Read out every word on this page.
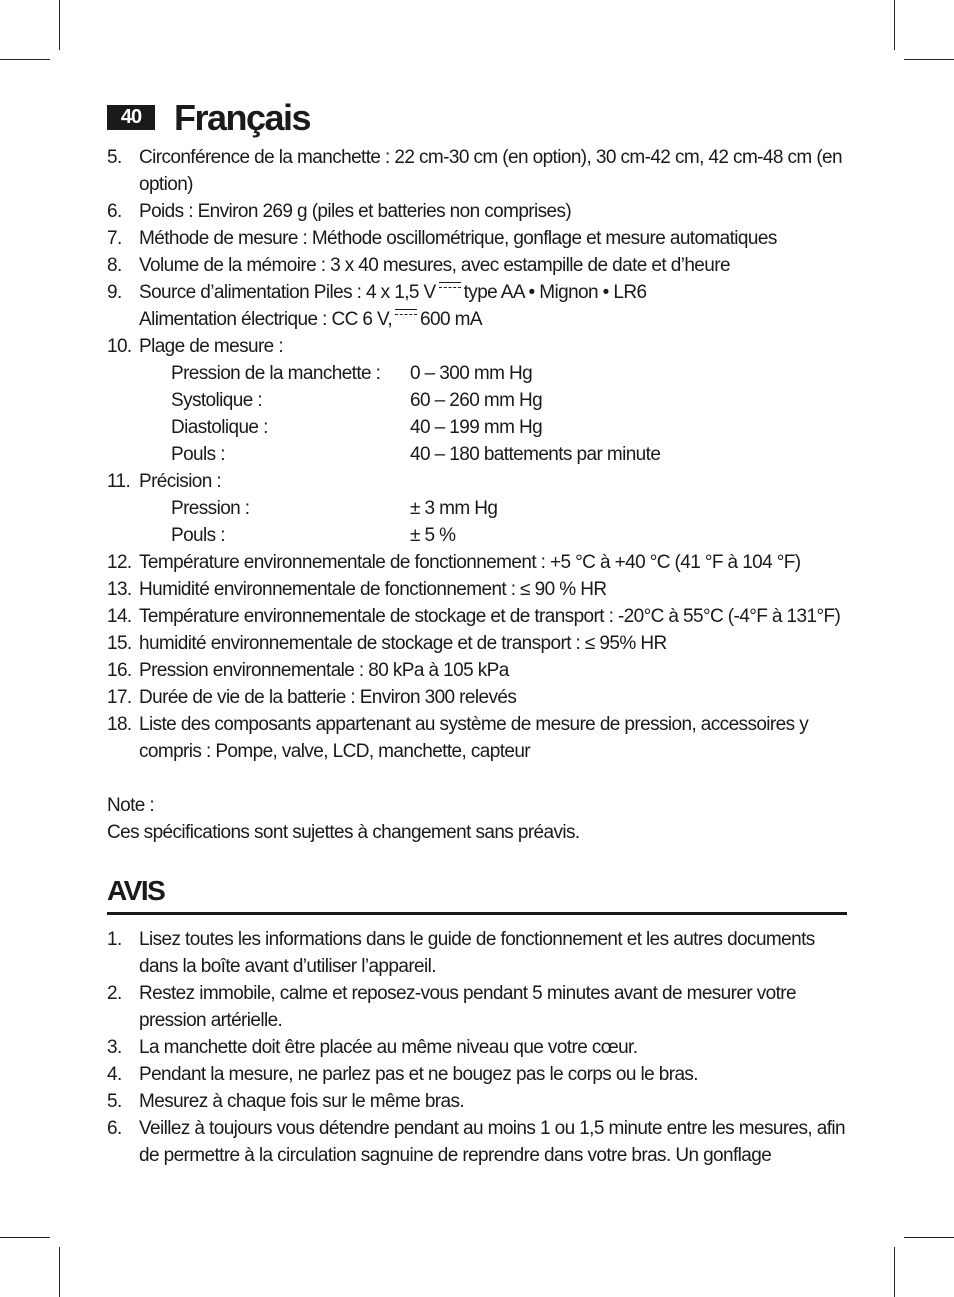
40 Français
5. Circonférence de la manchette : 22 cm-30 cm (en option), 30 cm-42 cm, 42 cm-48 cm (en option)
6. Poids : Environ 269 g (piles et batteries non comprises)
7. Méthode de mesure : Méthode oscillométrique, gonflage et mesure automatiques
8. Volume de la mémoire : 3 x 40 mesures, avec estampille de date et d’heure
9. Source d’alimentation Piles : 4 x 1,5 V type AA • Mignon • LR6
Alimentation électrique : CC 6 V, 600 mA
10. Plage de mesure :
Pression de la manchette :	0 – 300 mm Hg
Systolique :	60 – 260 mm Hg
Diastolique :	40 – 199 mm Hg
Pouls :	40 – 180 battements par minute
11. Précision :
Pression :	± 3 mm Hg
Pouls :	± 5 %
12. Température environnementale de fonctionnement : +5 °C à +40 °C (41 °F à 104 °F)
13. Humidité environnementale de fonctionnement : ≤ 90 % HR
14. Température environnementale de stockage et de transport : -20°C à 55°C (-4°F à 131°F)
15. humidité environnementale de stockage et de transport : ≤ 95% HR
16. Pression environnementale : 80 kPa à 105 kPa
17. Durée de vie de la batterie : Environ 300 relevés
18. Liste des composants appartenant au système de mesure de pression, accessoires y compris : Pompe, valve, LCD, manchette, capteur
Note :
Ces spécifications sont sujettes à changement sans préavis.
AVIS
1. Lisez toutes les informations dans le guide de fonctionnement et les autres documents dans la boîte avant d’utiliser l’appareil.
2. Restez immobile, calme et reposez-vous pendant 5 minutes avant de mesurer votre pression artérielle.
3. La manchette doit être placée au même niveau que votre cœur.
4. Pendant la mesure, ne parlez pas et ne bougez pas le corps ou le bras.
5. Mesurez à chaque fois sur le même bras.
6. Veillez à toujours vous détendre pendant au moins 1 ou 1,5 minute entre les mesures, afin de permettre à la circulation sagnuine de reprendre dans votre bras. Un gonflage
